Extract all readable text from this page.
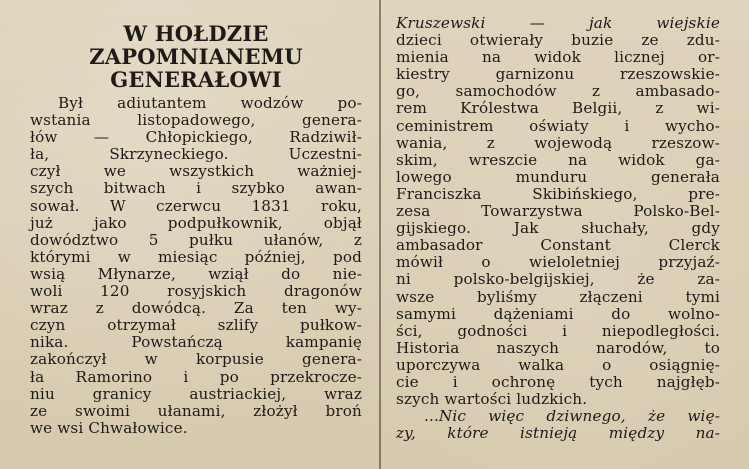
W HOŁDZIE
ZAPOMNIANEMU
GENERAŁOWI
Był adiutantem wodzów po-
wstania listopadowego, genera-
łów — Chłopickiego, Radziwił-
ła, Skrzyneckiego. Uczestni-
czył we wszystkich ważniej-
szych bitwach i szybko awan-
sował. W czerwcu 1831 roku,
już jako podpułkownik, objął
dowództwo 5 pułku ułanów, z
którymi w miesiąc później, pod
wsią Młynarze, wziął do nie-
woli 120 rosyjskich dragonów
wraz z dowódcą. Za ten wy-
czyn otrzymał szlify pułkow-
nika. Powstańczą kampanię
zakończył w korpusie genera-
ła Ramorino i po przekrocze-
niu granicy austriackiej, wraz
ze swoimi ułanami, złożył broń
we wsi Chwałowice.
Kruszewski — jak wiejskie
dzieci otwierały buzie ze zdu-
mienia na widok licznej or-
kiestry garnizonu rzeszowskie-
go, samochodów z ambasado-
rem Królestwa Belgii, z wi-
ceministrem oświaty i wycho-
wania, z wojewodą rzeszow-
skim, wreszcie na widok ga-
lowego munduru generała
Franciszka Skibińskiego, pre-
zesa Towarzystwa Polsko-Bel-
gijskiego. Jak słuchały, gdy
ambasador Constant Clerck
mówił o wieloletniej przyjaź-
ni polsko-belgijskiej, że za-
wsze byliśmy złączeni tymi
samymi dążeniami do wolno-
ści, godności i niepodległości.
Historia naszych narodów, to
uporczywa walka o osiągnię-
cie i ochronę tych najgłęb-
szych wartości ludzkich.
...Nic więc dziwnego, że wię-
zy, które istnieją między na-
